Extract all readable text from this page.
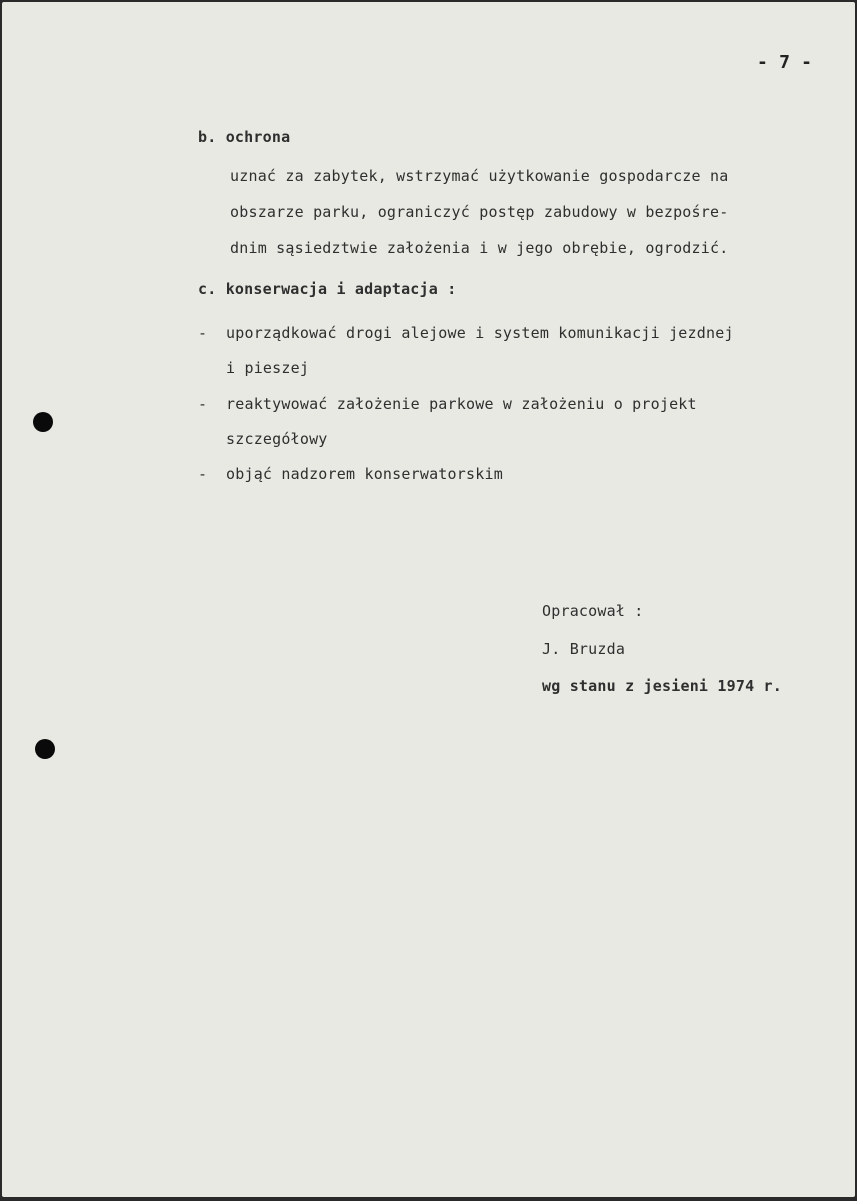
- 7 -
b. ochrona
uznać za zabytek, wstrzymać użytkowanie gospodarcze na
obszarze parku, ograniczyć postęp zabudowy w bezpośre-
dnim sąsiedztwie założenia i w jego obrębie, ogrodzić.
c. konserwacja i adaptacja :
- uporządkować drogi alejowe i system komunikacji jezdnej
i pieszej
- reaktywować założenie parkowe w założeniu o projekt
szczegółowy
- objąć nadzorem konserwatorskim
Opracował :
J. Bruzda
wg stanu z jesieni 1974 r.
